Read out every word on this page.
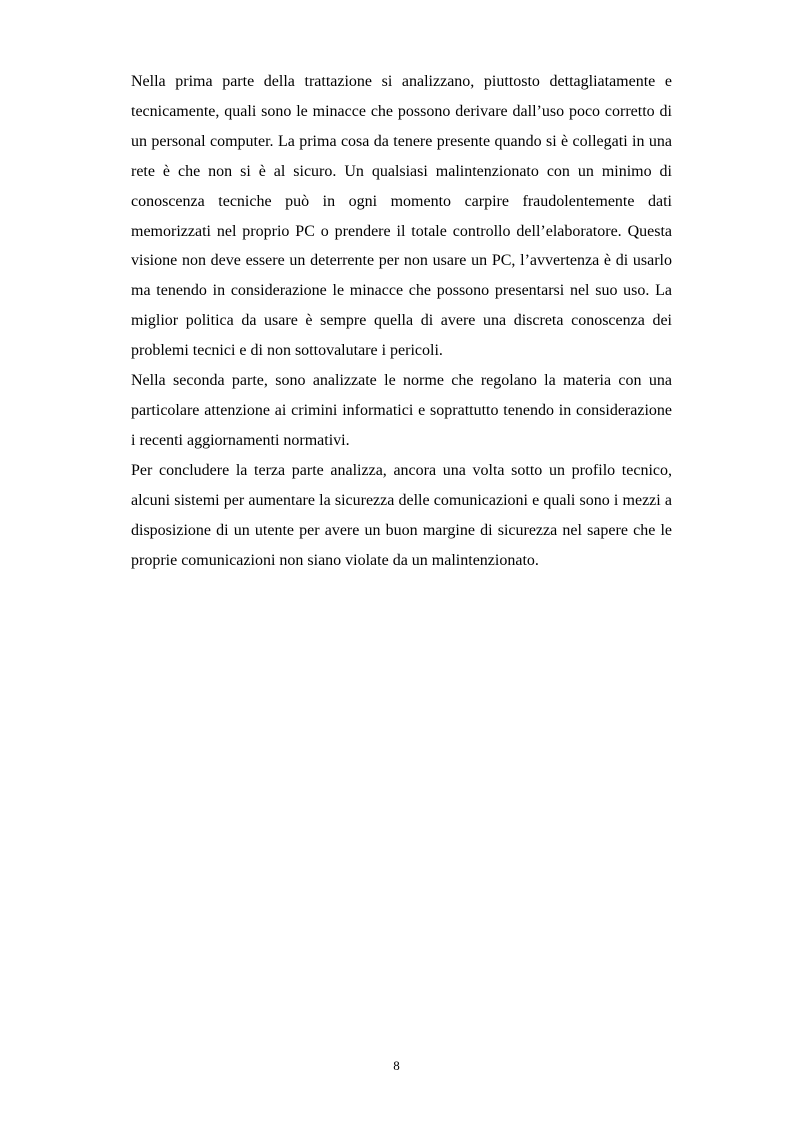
Nella prima parte della trattazione si analizzano, piuttosto dettagliatamente e tecnicamente, quali sono le minacce che possono derivare dall’uso poco corretto di un personal computer. La prima cosa da tenere presente quando si è collegati in una rete è che non si è al sicuro. Un qualsiasi malintenzionato con un minimo di conoscenza tecniche può in ogni momento carpire fraudolentemente dati memorizzati nel proprio PC o prendere il totale controllo dell’elaboratore. Questa visione non deve essere un deterrente per non usare un PC, l’avvertenza è di usarlo ma tenendo in considerazione le minacce che possono presentarsi nel suo uso. La miglior politica da usare è sempre quella di avere una discreta conoscenza dei problemi tecnici e di non sottovalutare i pericoli.

Nella seconda parte, sono analizzate le norme che regolano la materia con una particolare attenzione ai crimini informatici e soprattutto tenendo in considerazione i recenti aggiornamenti normativi.

Per concludere la terza parte analizza, ancora una volta sotto un profilo tecnico, alcuni sistemi per aumentare la sicurezza delle comunicazioni e quali sono i mezzi a disposizione di un utente per avere un buon margine di sicurezza nel sapere che le proprie comunicazioni non siano violate da un malintenzionato.

8
